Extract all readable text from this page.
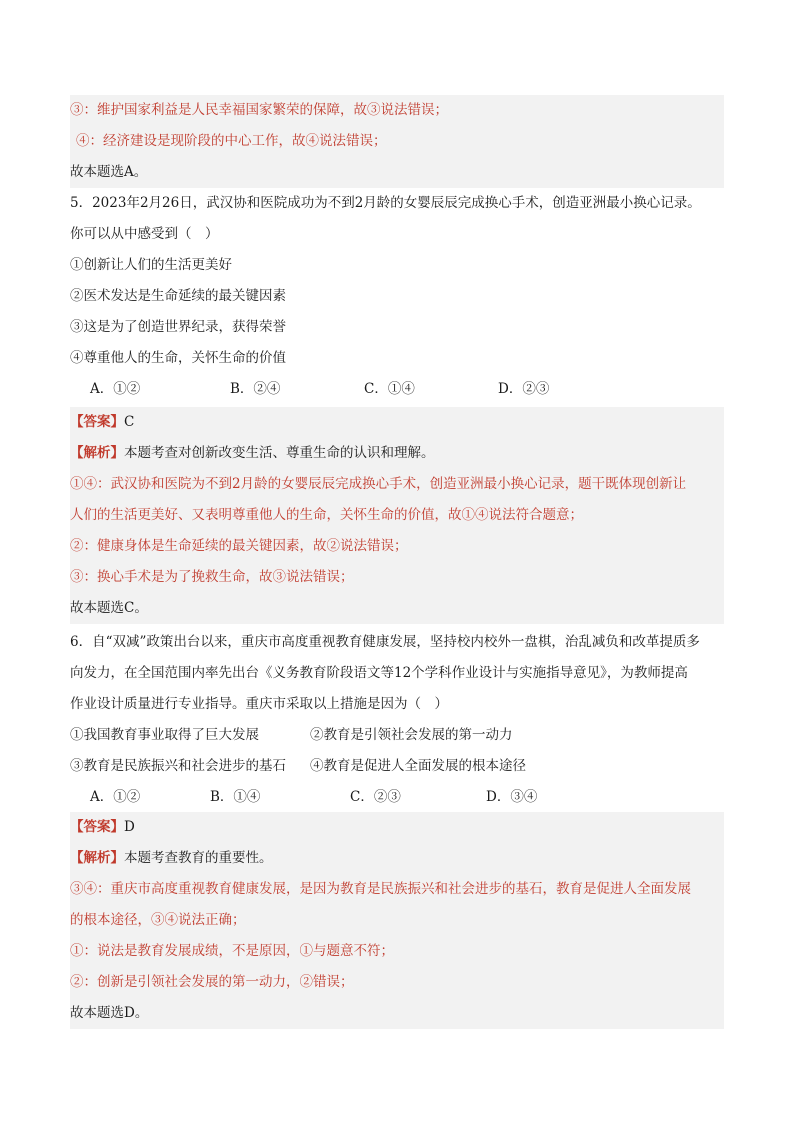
③：维护国家利益是人民幸福国家繁荣的保障，故③说法错误；
④：经济建设是现阶段的中心工作，故④说法错误；
故本题选A。
5．2023年2月26日，武汉协和医院成功为不到2月龄的女婴辰辰完成换心手术，创造亚洲最小换心记录。
你可以从中感受到（　）
①创新让人们的生活更美好
②医术发达是生命延续的最关键因素
③这是为了创造世界纪录，获得荣誉
④尊重他人的生命，关怀生命的价值
A．①②	B．②④	C．①④	D．②③
【答案】C
【解析】本题考查对创新改变生活、尊重生命的认识和理解。
①④：武汉协和医院为不到2月龄的女婴辰辰完成换心手术，创造亚洲最小换心记录，题干既体现创新让
人们的生活更美好、又表明尊重他人的生命，关怀生命的价值，故①④说法符合题意；
②：健康身体是生命延续的最关键因素，故②说法错误；
③：换心手术是为了挽救生命，故③说法错误；
故本题选C。
6．自“双减”政策出台以来，重庆市高度重视教育健康发展，坚持校内校外一盘棋，治乱减负和改革提质多
向发力，在全国范围内率先出台《义务教育阶段语文等12个学科作业设计与实施指导意见》，为教师提高
作业设计质量进行专业指导。重庆市采取以上措施是因为（　）
①我国教育事业取得了巨大发展	②教育是引领社会发展的第一动力
③教育是民族振兴和社会进步的基石	④教育是促进人全面发展的根本途径
A．①②	B．①④	C．②③	D．③④
【答案】D
【解析】本题考查教育的重要性。
③④：重庆市高度重视教育健康发展，是因为教育是民族振兴和社会进步的基石，教育是促进人全面发展
的根本途径，③④说法正确；
①：说法是教育发展成绩，不是原因，①与题意不符；
②：创新是引领社会发展的第一动力，②错误；
故本题选D。
